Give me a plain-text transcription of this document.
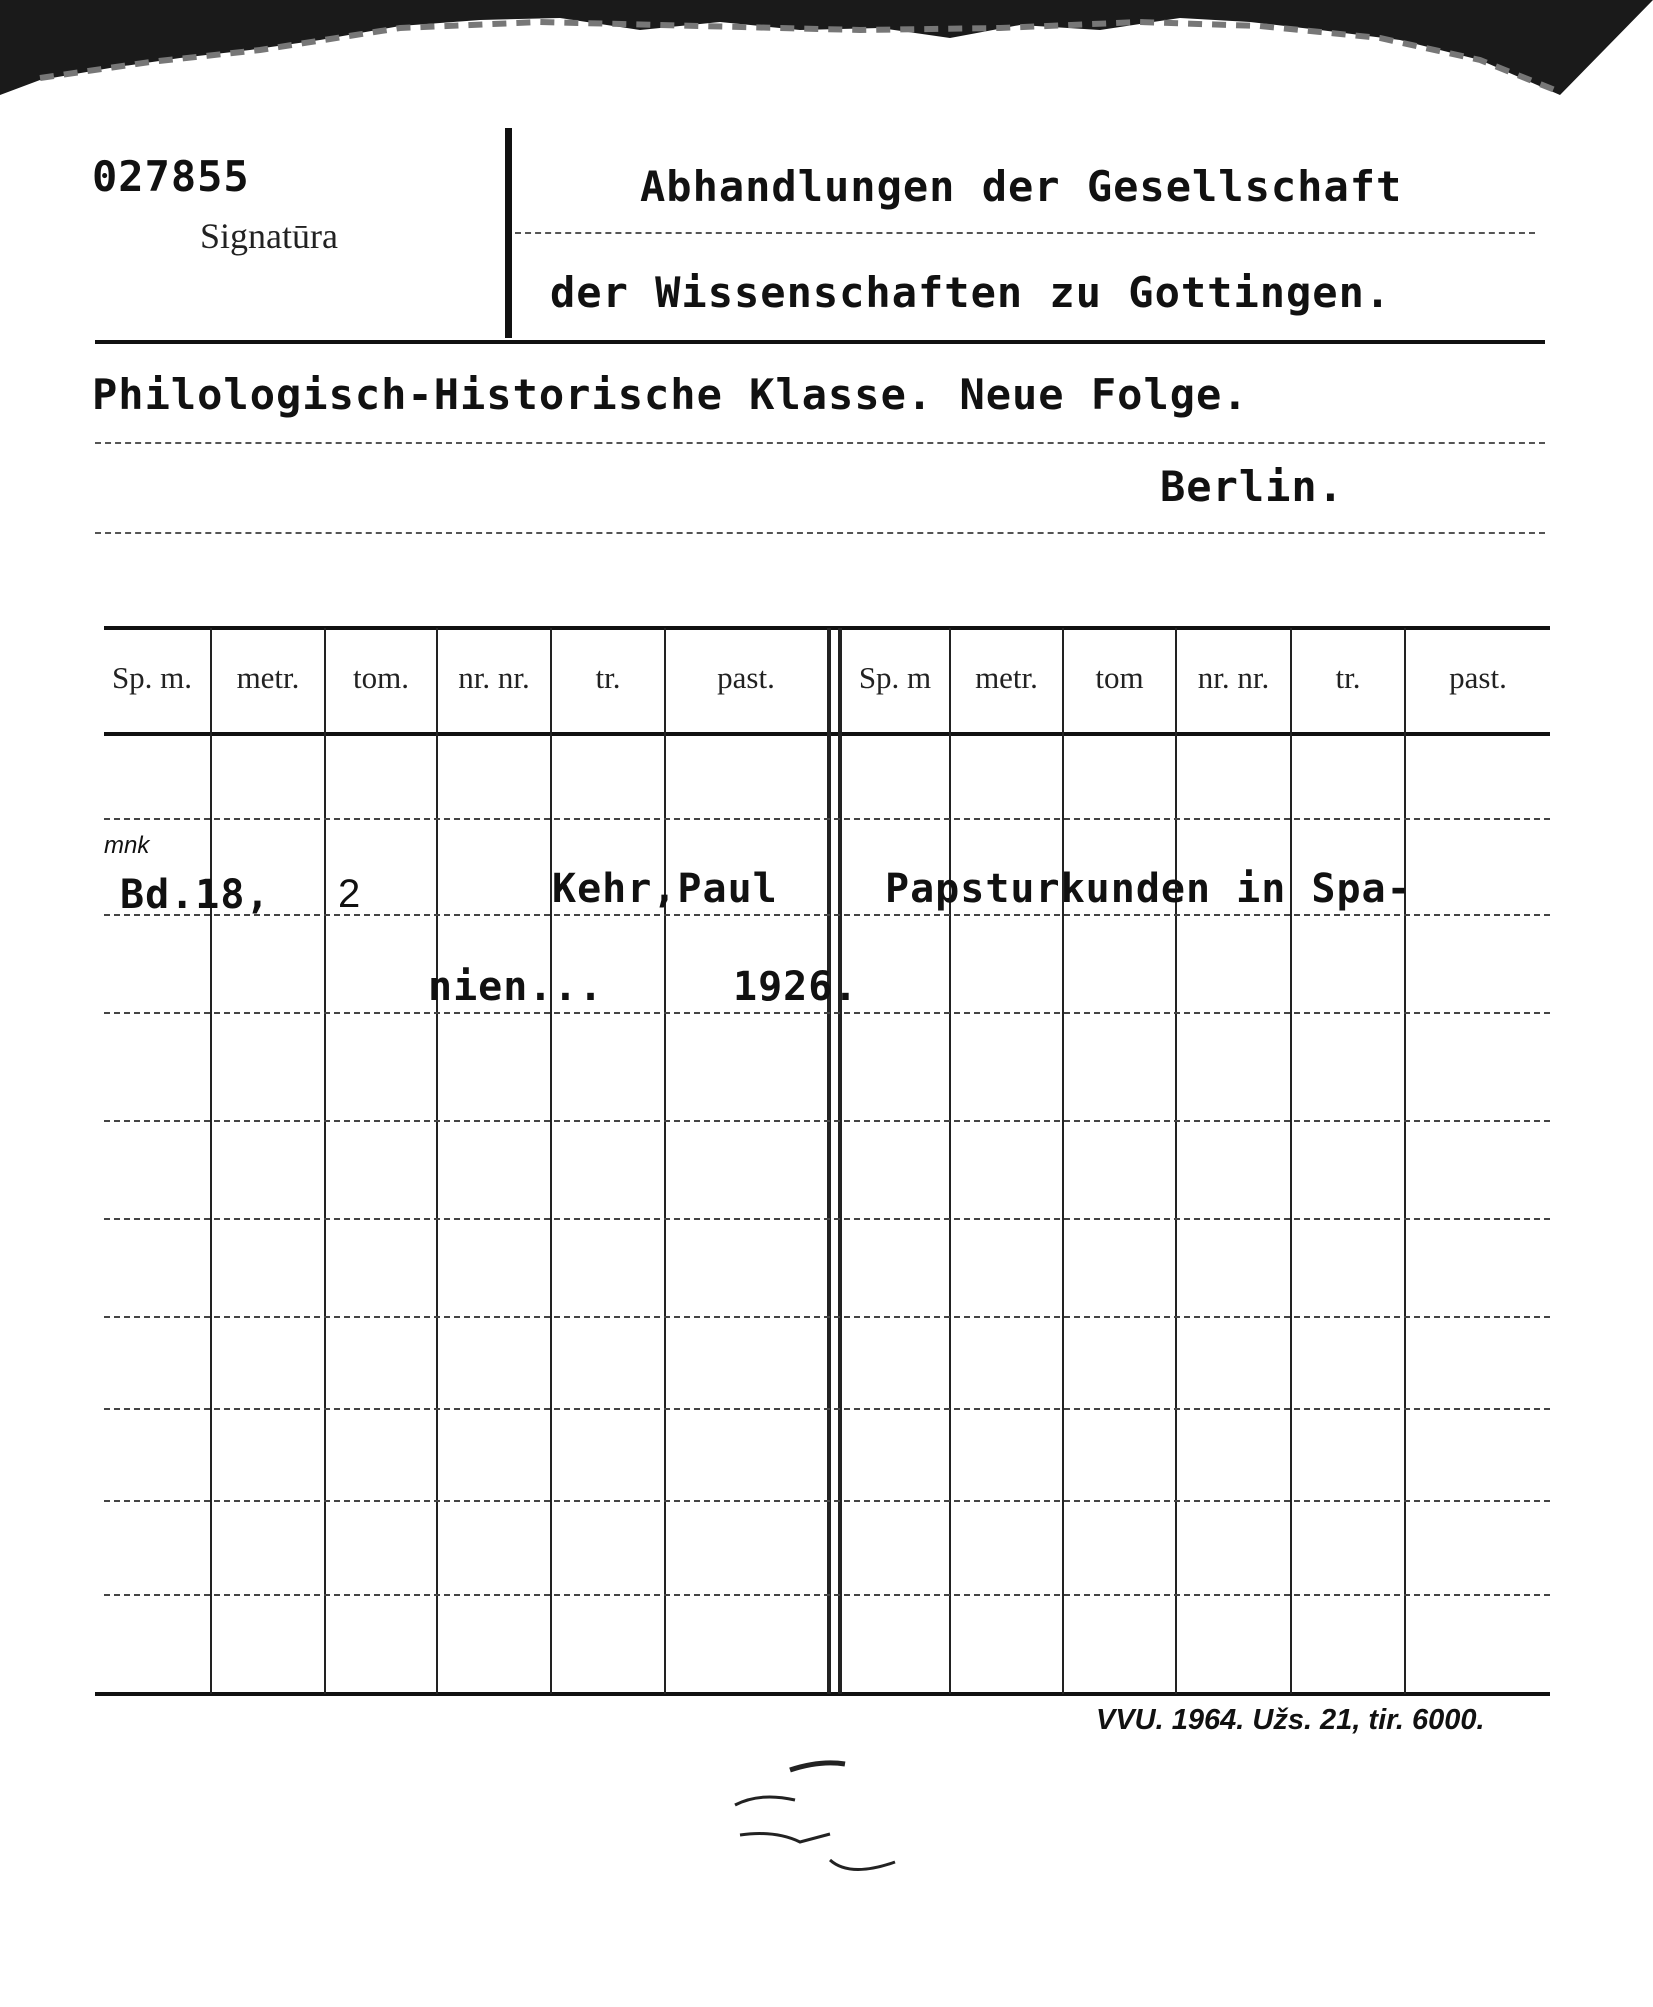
027855
Signatūra
Abhandlungen der Gesellschaft
der Wissenschaften zu Gottingen.
Philologisch-Historische Klasse. Neue Folge.
Berlin.
Sp. m.	metr.	tom.	nr. nr.	tr.	past.	Sp. m	metr.	tom	nr. nr.	tr.	past.
mnk
Bd.18, 2	Kehr,Paul	Papsturkunden in Spa-
nien...	1926.
VVU. 1964. Užs. 21, tir. 6000.
